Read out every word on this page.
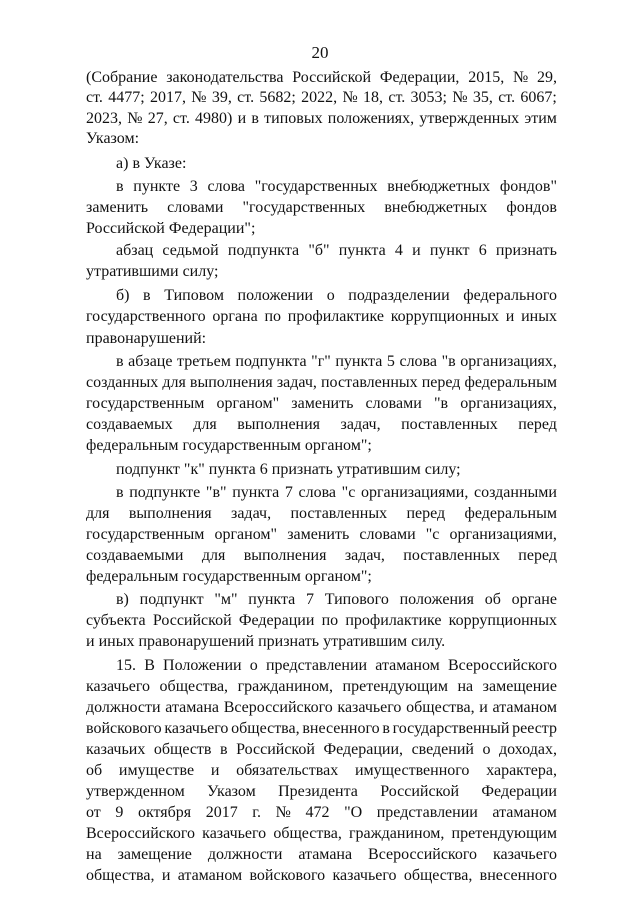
20
(Собрание законодательства Российской Федерации, 2015, № 29,
ст. 4477; 2017, № 39, ст. 5682; 2022, № 18, ст. 3053; № 35, ст. 6067;
2023, № 27, ст. 4980) и в типовых положениях, утвержденных этим
Указом:
а) в Указе:
в пункте 3 слова "государственных внебюджетных фондов"
заменить словами "государственных внебюджетных фондов
Российской Федерации";
абзац седьмой подпункта "б" пункта 4 и пункт 6 признать
утратившими силу;
б) в Типовом положении о подразделении федерального
государственного органа по профилактике коррупционных и иных
правонарушений:
в абзаце третьем подпункта "г" пункта 5 слова "в организациях,
созданных для выполнения задач, поставленных перед федеральным
государственным органом" заменить словами "в организациях,
создаваемых для выполнения задач, поставленных перед
федеральным государственным органом";
подпункт "к" пункта 6 признать утратившим силу;
в подпункте "в" пункта 7 слова "с организациями, созданными
для выполнения задач, поставленных перед федеральным
государственным органом" заменить словами "с организациями,
создаваемыми для выполнения задач, поставленных перед
федеральным государственным органом";
в) подпункт "м" пункта 7 Типового положения об органе
субъекта Российской Федерации по профилактике коррупционных
и иных правонарушений признать утратившим силу.
15. В Положении о представлении атаманом Всероссийского
казачьего общества, гражданином, претендующим на замещение
должности атамана Всероссийского казачьего общества, и атаманом
войскового казачьего общества, внесенного в государственный реестр
казачьих обществ в Российской Федерации, сведений о доходах,
об имуществе и обязательствах имущественного характера,
утвержденном Указом Президента Российской Федерации
от 9 октября 2017 г. № 472 "О представлении атаманом
Всероссийского казачьего общества, гражданином, претендующим
на замещение должности атамана Всероссийского казачьего
общества, и атаманом войскового казачьего общества, внесенного
